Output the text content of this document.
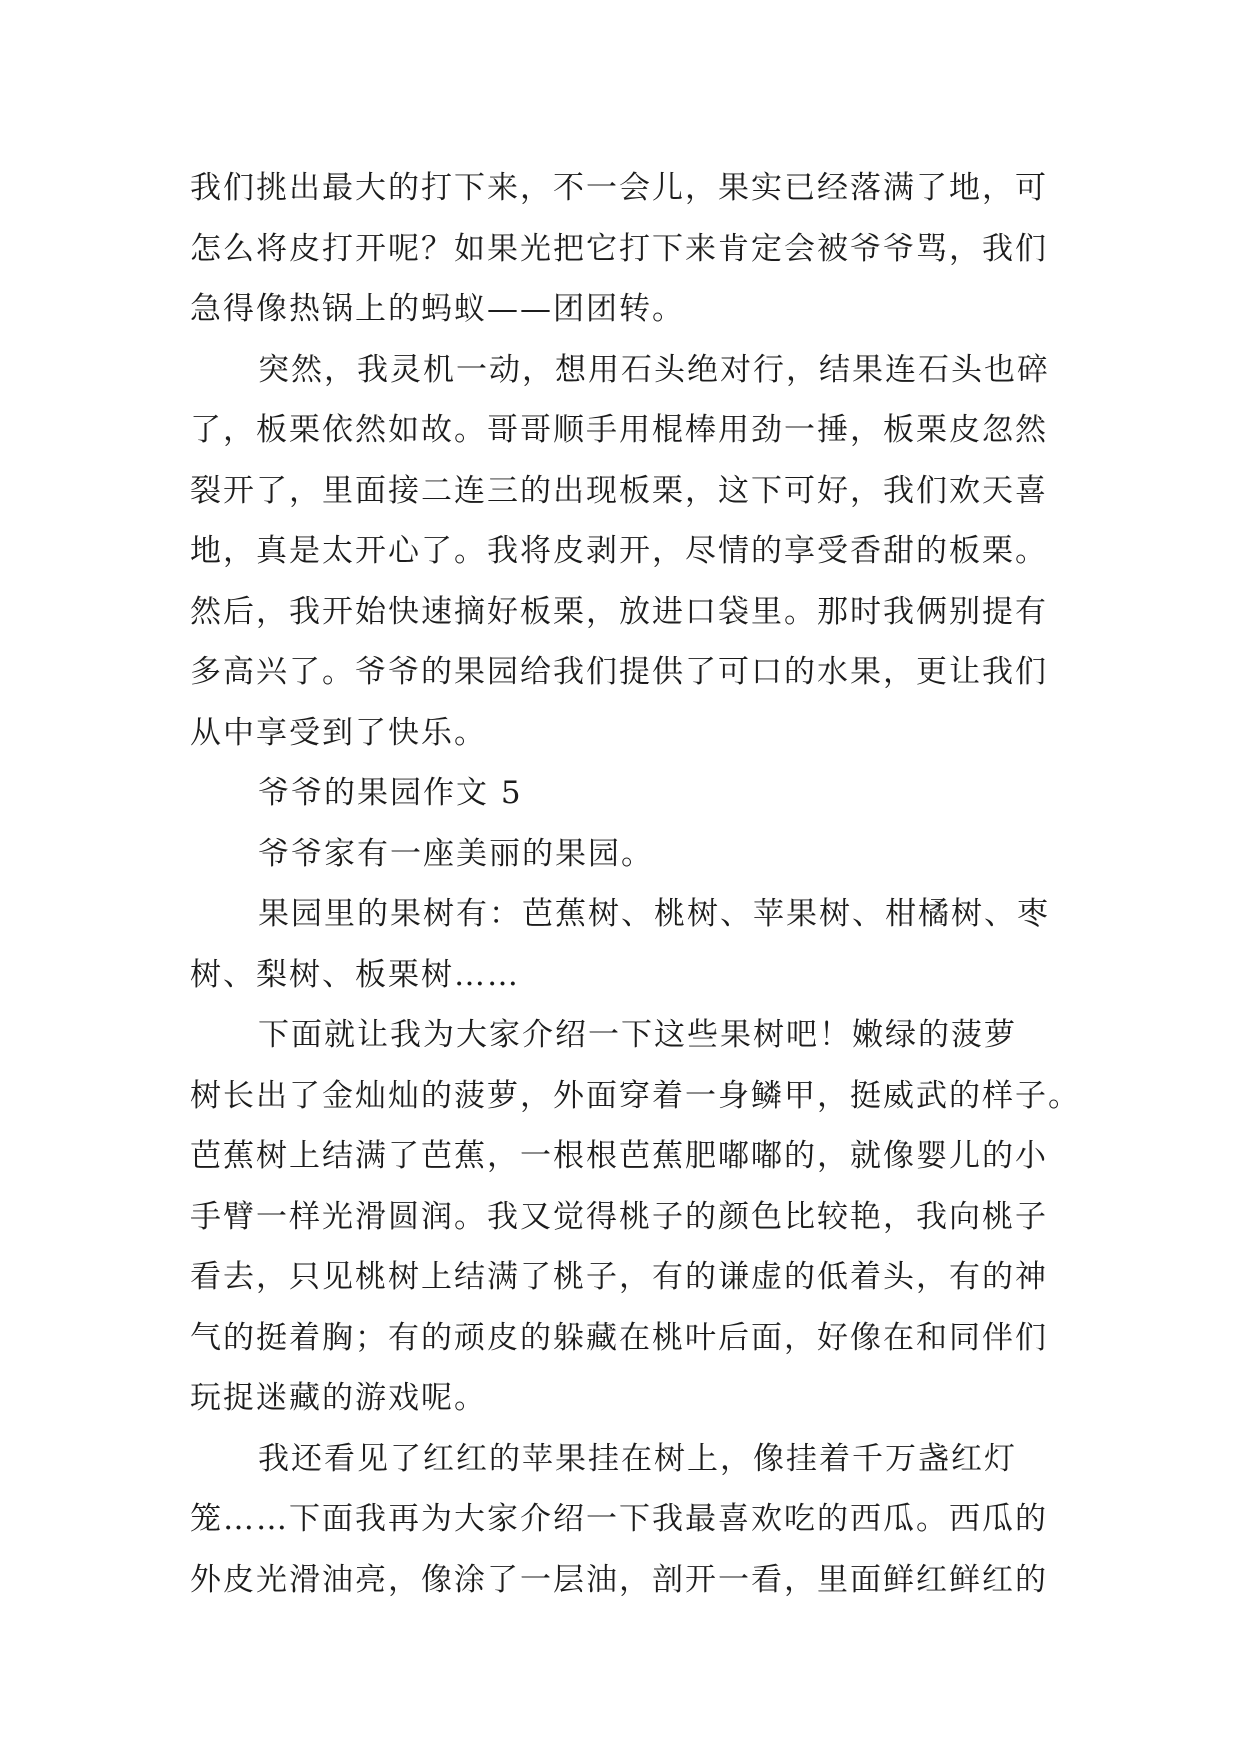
我们挑出最大的打下来，不一会儿，果实已经落满了地，可
怎么将皮打开呢？如果光把它打下来肯定会被爷爷骂，我们
急得像热锅上的蚂蚁——团团转。
突然，我灵机一动，想用石头绝对行，结果连石头也碎
了，板栗依然如故。哥哥顺手用棍棒用劲一捶，板栗皮忽然
裂开了，里面接二连三的出现板栗，这下可好，我们欢天喜
地，真是太开心了。我将皮剥开，尽情的享受香甜的板栗。
然后，我开始快速摘好板栗，放进口袋里。那时我俩别提有
多高兴了。爷爷的果园给我们提供了可口的水果，更让我们
从中享受到了快乐。
爷爷的果园作文 5
爷爷家有一座美丽的果园。
果园里的果树有：芭蕉树、桃树、苹果树、柑橘树、枣
树、梨树、板栗树……
下面就让我为大家介绍一下这些果树吧！嫩绿的菠萝
树长出了金灿灿的菠萝，外面穿着一身鳞甲，挺威武的样子。
芭蕉树上结满了芭蕉，一根根芭蕉肥嘟嘟的，就像婴儿的小
手臂一样光滑圆润。我又觉得桃子的颜色比较艳，我向桃子
看去，只见桃树上结满了桃子，有的谦虚的低着头，有的神
气的挺着胸；有的顽皮的躲藏在桃叶后面，好像在和同伴们
玩捉迷藏的游戏呢。
我还看见了红红的苹果挂在树上，像挂着千万盏红灯
笼……下面我再为大家介绍一下我最喜欢吃的西瓜。西瓜的
外皮光滑油亮，像涂了一层油，剖开一看，里面鲜红鲜红的
